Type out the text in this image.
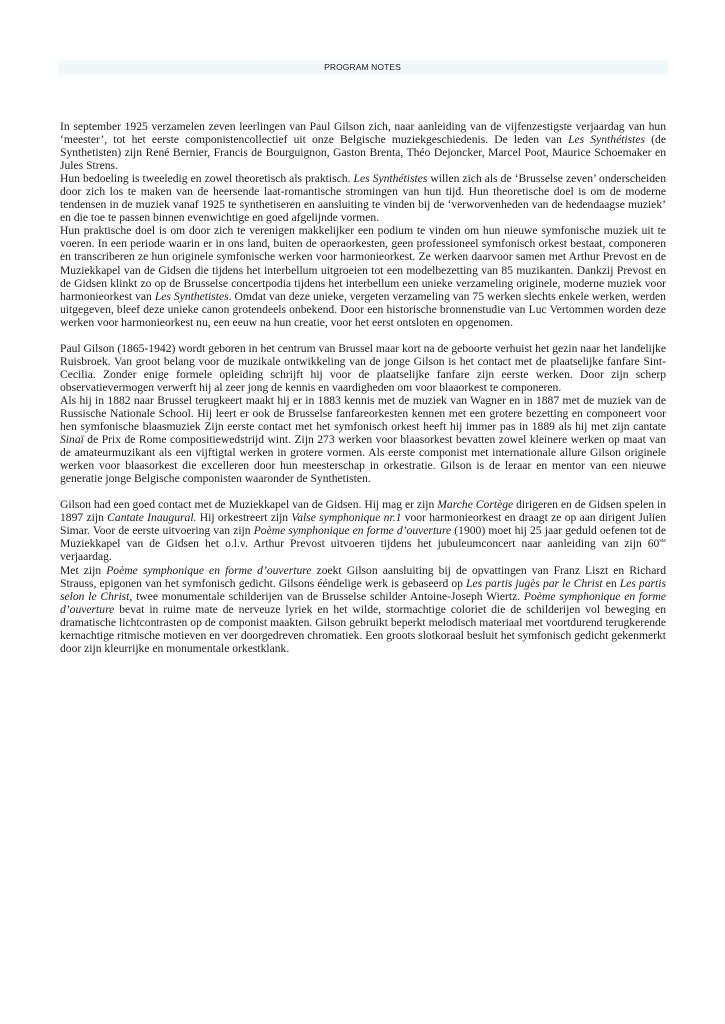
PROGRAM NOTES

In september 1925 verzamelen zeven leerlingen van Paul Gilson zich, naar aanleiding van de vijfenzestigste verjaardag van hun ‘meester’, tot het eerste componistencollectief uit onze Belgische muziekgeschiedenis. De leden van Les Synthétistes (de Synthetisten) zijn René Bernier, Francis de Bourguignon, Gaston Brenta, Théo Dejoncker, Marcel Poot, Maurice Schoemaker en Jules Strens.

Hun bedoeling is tweeledig en zowel theoretisch als praktisch. Les Synthétistes willen zich als de ‘Brusselse zeven’ onderscheiden door zich los te maken van de heersende laat-romantische stromingen van hun tijd. Hun theoretische doel is om de moderne tendensen in de muziek vanaf 1925 te synthetiseren en aansluiting te vinden bij de ‘verworvenheden van de hedendaagse muziek’ en die toe te passen binnen evenwichtige en goed afgelijnde vormen.

Hun praktische doel is om door zich te verenigen makkelijker een podium te vinden om hun nieuwe symfonische muziek uit te voeren. In een periode waarin er in ons land, buiten de operaorkesten, geen professioneel symfonisch orkest bestaat, componeren en transcriberen ze hun originele symfonische werken voor harmonieorkest. Ze werken daarvoor samen met Arthur Prevost en de Muziekkapel van de Gidsen die tijdens het interbellum uitgroeien tot een modelbezetting van 85 muzikanten. Dankzij Prevost en de Gidsen klinkt zo op de Brusselse concertpodia tijdens het interbellum een unieke verzameling originele, moderne muziek voor harmonieorkest van Les Synthetistes. Omdat van deze unieke, vergeten verzameling van 75 werken slechts enkele werken, werden uitgegeven, bleef deze unieke canon grotendeels onbekend. Door een historische bronnenstudie van Luc Vertommen worden deze werken voor harmonieorkest nu, een eeuw na hun creatie, voor het eerst ontsloten en opgenomen.

Paul Gilson (1865-1942) wordt geboren in het centrum van Brussel maar kort na de geboorte verhuist het gezin naar het landelijke Ruisbroek. Van groot belang voor de muzikale ontwikkeling van de jonge Gilson is het contact met de plaatselijke fanfare Sint-Cecilia. Zonder enige formele opleiding schrijft hij voor de plaatselijke fanfare zijn eerste werken. Door zijn scherp observatievermogen verwerft hij al zeer jong de kennis en vaardigheden om voor blaaorkest te componeren.

Als hij in 1882 naar Brussel terugkeert maakt hij er in 1883 kennis met de muziek van Wagner en in 1887 met de muziek van de Russische Nationale School. Hij leert er ook de Brusselse fanfareorkesten kennen met een grotere bezetting en componeert voor hen symfonische blaasmuziek Zijn eerste contact met het symfonisch orkest heeft hij immer pas in 1889 als hij met zijn cantate Sinaï de Prix de Rome compositiewedstrijd wint. Zijn 273 werken voor blaasorkest bevatten zowel kleinere werken op maat van de amateurmuzikant als een vijftigtal werken in grotere vormen. Als eerste componist met internationale allure Gilson originele werken voor blaasorkest die excelleren door hun meesterschap in orkestratie. Gilson is de leraar en mentor van een nieuwe generatie jonge Belgische componisten waaronder de Synthetisten.

Gilson had een goed contact met de Muziekkapel van de Gidsen. Hij mag er zijn Marche Cortège dirigeren en de Gidsen spelen in 1897 zijn Cantate Inaugural. Hij orkestreert zijn Valse symphonique nr.1 voor harmonieorkest en draagt ze op aan dirigent Julien Simar. Voor de eerste uitvoering van zijn Poème symphonique en forme d’ouverture (1900) moet hij 25 jaar geduld oefenen tot de Muziekkapel van de Gidsen het o.l.v. Arthur Prevost uitvoeren tijdens het jubuleumconcert naar aanleiding van zijn 60ste verjaardag.

Met zijn Poème symphonique en forme d’ouverture zoekt Gilson aansluiting bij de opvattingen van Franz Liszt en Richard Strauss, epigonen van het symfonisch gedicht. Gilsons ééndelige werk is gebaseerd op Les partis jugès par le Christ en Les partis selon le Christ, twee monumentale schilderijen van de Brusselse schilder Antoine-Joseph Wiertz. Poème symphonique en forme d’ouverture bevat in ruime mate de nerveuze lyriek en het wilde, stormachtige coloriet die de schilderijen vol beweging en dramatische lichtcontrasten op de componist maakten. Gilson gebruikt beperkt melodisch materiaal met voortdurend terugkerende kernachtige ritmische motieven en ver doorgedreven chromatiek. Een groots slotkoraal besluit het symfonisch gedicht gekenmerkt door zijn kleurrijke en monumentale orkestklank.
